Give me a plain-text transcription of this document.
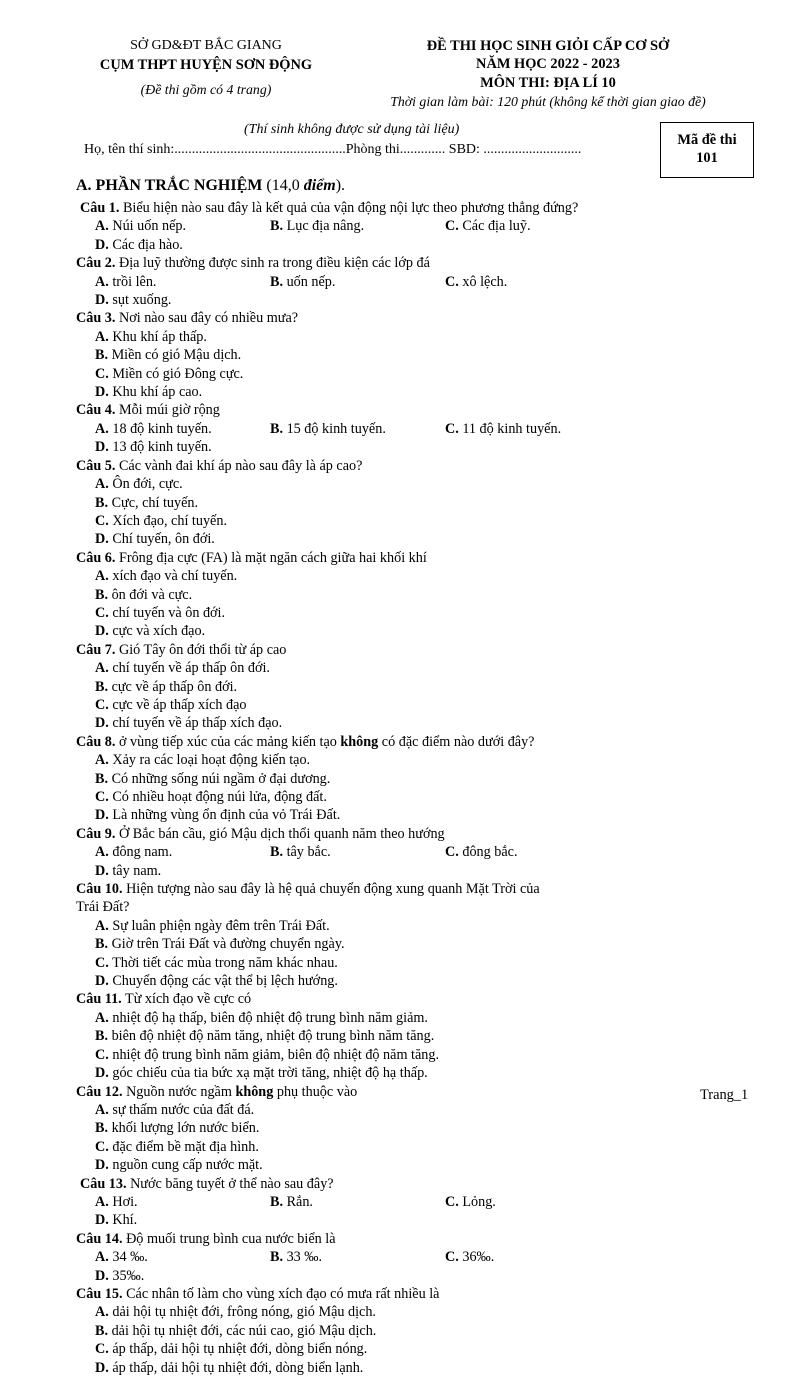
SỞ GD&ĐT BẮC GIANG
CỤM THPT HUYỆN SƠN ĐỘNG
(Đề thi gồm có 4 trang)
ĐỀ THI HỌC SINH GIỎI CẤP CƠ SỞ
NĂM HỌC 2022 - 2023
MÔN THI: ĐỊA LÍ 10
Thời gian làm bài: 120 phút (không kể thời gian giao đề)
(Thí sinh không được sử dụng tài liệu)
Họ, tên thí sinh:.................................................Phòng thi............. SBD: ............................
Mã đề thi
101
A. PHẦN TRẮC NGHIỆM (14,0 điểm).
Câu 1. Biểu hiện nào sau đây là kết quả của vận động nội lực theo phương thẳng đứng?
A. Núi uốn nếp.	B. Lục địa nâng.	C. Các địa luỹ.
D. Các địa hào.
Câu 2. Địa luỹ thường được sinh ra trong điều kiện các lớp đá
A. trồi lên.	B. uốn nếp.	C. xô lệch.
D. sụt xuống.
Câu 3. Nơi nào sau đây có nhiều mưa?
A. Khu khí áp thấp.
B. Miền có gió Mậu dịch.
C. Miền có gió Đông cực.
D. Khu khí áp cao.
Câu 4. Mỗi múi giờ rộng
A. 18 độ kinh tuyến.	B. 15 độ kinh tuyến.	C. 11 độ kinh tuyến.
D. 13 độ kinh tuyến.
Câu 5. Các vành đai khí áp nào sau đây là áp cao?
A. Ôn đới, cực.
B. Cực, chí tuyến.
C. Xích đạo, chí tuyến.
D. Chí tuyến, ôn đới.
Câu 6. Frông địa cực (FA) là mặt ngăn cách giữa hai khối khí
A. xích đạo và chí tuyến.
B. ôn đới và cực.
C. chí tuyến và ôn đới.
D. cực và xích đạo.
Câu 7. Gió Tây ôn đới thổi từ áp cao
A. chí tuyến về áp thấp ôn đới.
B. cực về áp thấp ôn đới.
C. cực về áp thấp xích đạo
D. chí tuyến về áp thấp xích đạo.
Câu 8. ở vùng tiếp xúc của các mảng kiến tạo không có đặc điểm nào dưới đây?
A. Xảy ra các loại hoạt động kiến tạo.
B. Có những sống núi ngầm ở đại dương.
C. Có nhiều hoạt động núi lửa, động đất.
D. Là những vùng ổn định của vỏ Trái Đất.
Câu 9. Ở Bắc bán cầu, gió Mậu dịch thổi quanh năm theo hướng
A. đông nam.	B. tây bắc.	C. đông bắc.
D. tây nam.
Câu 10. Hiện tượng nào sau đây là hệ quả chuyển động xung quanh Mặt Trời của
Trái Đất?
A. Sự luân phiện ngày đêm trên Trái Đất.
B. Giờ trên Trái Đất và đường chuyển ngày.
C. Thời tiết các mùa trong năm khác nhau.
D. Chuyển động các vật thể bị lệch hướng.
Câu 11. Từ xích đạo về cực có
A. nhiệt độ hạ thấp, biên độ nhiệt độ trung bình năm giảm.
B. biên độ nhiệt độ năm tăng, nhiệt độ trung bình năm tăng.
C. nhiệt độ trung bình năm giảm, biên độ nhiệt độ năm tăng.
D. góc chiếu của tia bức xạ mặt trời tăng, nhiệt độ hạ thấp.
Câu 12. Nguồn nước ngầm không phụ thuộc vào
A. sự thấm nước của đất đá.
B. khối lượng lớn nước biển.
C. đặc điểm bề mặt địa hình.
D. nguồn cung cấp nước mặt.
Câu 13. Nước băng tuyết ở thể nào sau đây?
A. Hơi.	B. Rắn.	C. Lỏng.
D. Khí.
Câu 14. Độ muối trung bình cua nước biển là
A. 34 ‰.	B. 33 ‰.	C. 36‰.
D. 35‰.
Câu 15. Các nhân tố làm cho vùng xích đạo có mưa rất nhiều là
A. dải hội tụ nhiệt đới, frông nóng, gió Mậu dịch.
B. dải hội tụ nhiệt đới, các núi cao, gió Mậu dịch.
C. áp thấp, dải hội tụ nhiệt đới, dòng biển nóng.
D. áp thấp, dải hội tụ nhiệt đới, dòng biển lạnh.
Trang_1
